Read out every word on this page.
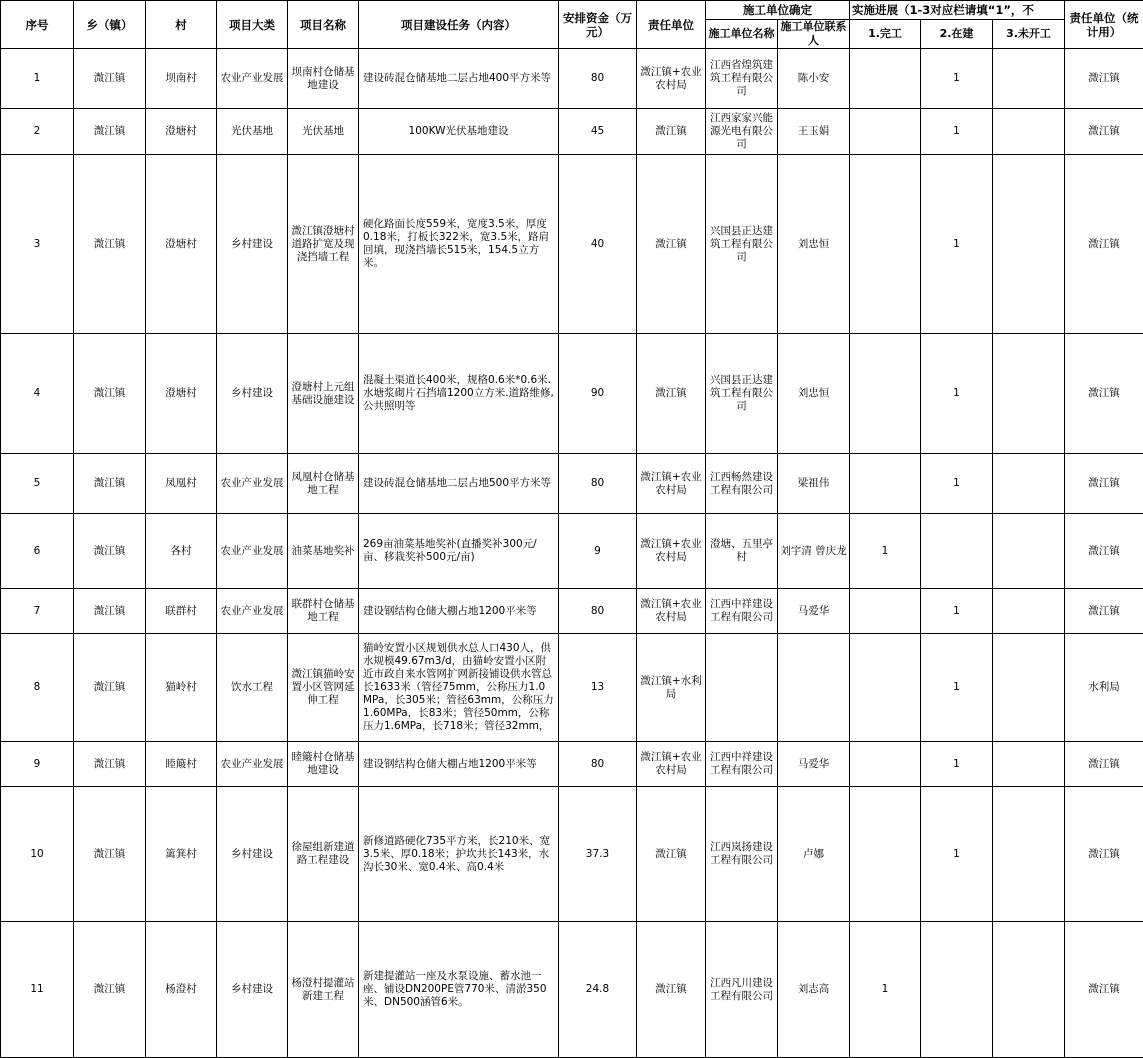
序号	乡（镇）	村	项目大类	项目名称	项目建设任务（内容）	安排资金（万元）	责任单位	施工单位确定		实施进展（1-3对应栏请填“1”，不			责任单位（统计用）
								施工单位名称	施工单位联系人	1.完工	2.在建	3.未开工	
1	溦江镇	坝南村	农业产业发展	坝南村仓储基地建设	建设砖混仓储基地二层占地400平方米等	80	溦江镇+农业农村局	江西省煌筑建筑工程有限公司	陈小安		1		溦江镇
2	溦江镇	澄塘村	光伏基地	光伏基地	100KW光伏基地建设	45	溦江镇	江西家家兴能源光电有限公司	王玉娟		1		溦江镇
3	溦江镇	澄塘村	乡村建设	溦江镇澄塘村道路扩宽及现浇挡墙工程	硬化路面长度559米，宽度3.5米，厚度0.18米，打板长322米，宽3.5米，路肩回填，现浇挡墙长515米，154.5立方米。	40	溦江镇	兴国县正达建筑工程有限公司	刘忠恒		1		溦江镇
4	溦江镇	澄塘村	乡村建设	澄塘村上元组基础设施建设	混凝土渠道长400米，规格0.6米*0.6米.水塘浆砌片石挡墙1200立方米.道路维修,公共照明等	90	溦江镇	兴国县正达建筑工程有限公司	刘忠恒		1		溦江镇
5	溦江镇	凤凰村	农业产业发展	凤凰村仓储基地工程	建设砖混仓储基地二层占地500平方米等	80	溦江镇+农业农村局	江西畅然建设工程有限公司	梁祖伟		1		溦江镇
6	溦江镇	各村	农业产业发展	油菜基地奖补	269亩油菜基地奖补(直播奖补300元/亩、移栽奖补500元/亩)	9	溦江镇+农业农村局	澄塘、五里亭村	刘宇清 曾庆龙	1			溦江镇
7	溦江镇	联群村	农业产业发展	联群村仓储基地工程	建设钢结构仓储大棚占地1200平米等	80	溦江镇+农业农村局	江西中祥建设工程有限公司	马爱华		1		溦江镇
8	溦江镇	猫岭村	饮水工程	溦江镇猫岭安置小区管网延伸工程	猫岭安置小区规划供水总人口430人，供水规模49.67m3/d，由猫岭安置小区附近市政自来水管网扩网新接铺设供水管总长1633米（管径75mm，公称压力1.0MPa，长305米；管径63mm，公称压力1.60MPa，长83米；管径50mm，公称压力1.6MPa，长718米；管径32mm，	13	溦江镇+水利局				1		水利局
9	溦江镇	睦簸村	农业产业发展	睦簸村仓储基地建设	建设钢结构仓储大棚占地1200平米等	80	溦江镇+农业农村局	江西中祥建设工程有限公司	马爱华		1		溦江镇
10	溦江镇	篱箕村	乡村建设	徐屋组新建道路工程建设	新修道路硬化735平方米，长210米、宽3.5米、厚0.18米；护坎共长143米，水沟长30米、宽0.4米、高0.4米	37.3	溦江镇	江西岚扬建设工程有限公司	卢娜		1		溦江镇
11	溦江镇	杨澄村	乡村建设	杨澄村提灌站新建工程	新建提灌站一座及水泵设施、蓄水池一座、铺设DN200PE管770米、清淤350米、DN500涵管6米。	24.8	溦江镇	江西凡川建设工程有限公司	刘志高	1			溦江镇
